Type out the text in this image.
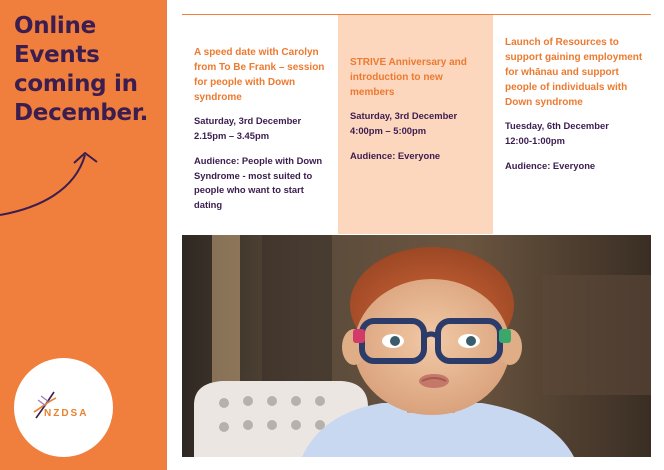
Online
Events
coming in
December.
NZDSA
A speed date with Carolyn from To Be Frank – session for people with Down syndrome
Saturday, 3rd December
2.15pm – 3.45pm
Audience: People with Down Syndrome - most suited to people who want to start dating
STRIVE Anniversary and introduction to new members
Saturday, 3rd December
4:00pm – 5:00pm
Audience: Everyone
Launch of Resources to support gaining employment for whānau and support people of individuals with Down syndrome
Tuesday, 6th December
12:00-1:00pm
Audience: Everyone
